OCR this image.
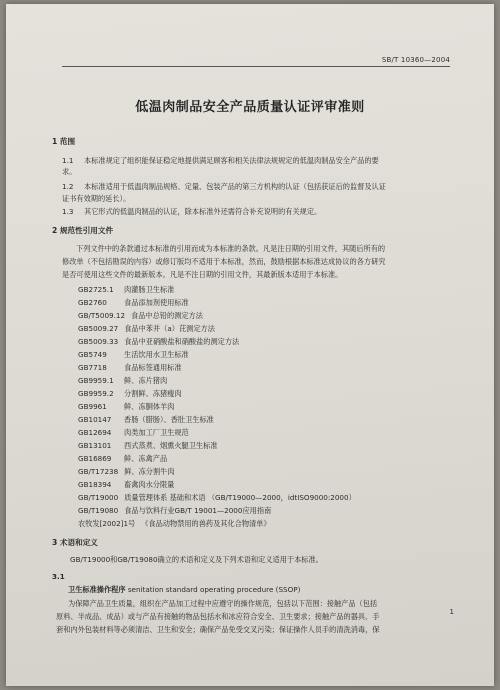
SB/T 10360—2004
低温肉制品安全产品质量认证评审准则
1 范围
1.1 本标准规定了组织能保证稳定地提供满足顾客和相关法律法规规定的低温肉制品安全产品的要
求。
1.2 本标准适用于低温肉制品规格、定量、包装产品的第三方机构的认证（包括获证后的监督及认证
证书有效期的延长）。
1.3 其它形式的低温肉制品的认证，除本标准外还需符合补充说明的有关规定。
2 规范性引用文件
下列文件中的条款通过本标准的引用而成为本标准的条款。凡是注日期的引用文件，其随后所有的
修改单（不包括勘误的内容）或修订版均不适用于本标准，然而，鼓励根据本标准达成协议的各方研究
是否可使用这些文件的最新版本。凡是不注日期的引用文件，其最新版本适用于本标准。
GB2725.1 肉灌肠卫生标准
GB2760 食品添加剂使用标准
GB/T5009.12 食品中总铅的测定方法
GB5009.27 食品中苯并（a）芘测定方法
GB5009.33 食品中亚硝酸盐和硝酸盐的测定方法
GB5749 生活饮用水卫生标准
GB7718 食品标签通用标准
GB9959.1 鲜、冻片猪肉
GB9959.2 分割鲜、冻猪瘦肉
GB9961 鲜、冻胴体羊肉
GB10147 香肠（腊肠）、香肚卫生标准
GB12694 肉类加工厂卫生规范
GB13101 西式蒸煮、烟熏火腿卫生标准
GB16869 鲜、冻禽产品
GB/T17238 鲜、冻分割牛肉
GB18394 畜禽肉水分限量
GB/T19000 质量管理体系 基础和术语 （GB/T19000—2000，idtISO9000:2000）
GB/T19080 食品与饮料行业GB/T 19001—2000应用指南
农牧发[2002]1号 《食品动物禁用的兽药及其化合物清单》
3 术语和定义
GB/T19000和GB/T19080确立的术语和定义及下列术语和定义适用于本标准。
3.1
卫生标准操作程序 senitation standard operating procedure (SSOP)
为保障产品卫生质量，组织在产品加工过程中应遵守的操作规范，包括以下范围：接触产品（包括
原料、半成品、成品）或与产品有接触的物品包括水和冰应符合安全、卫生要求；接触产品的器具、手
套和内外包装材料等必须清洁、卫生和安全；确保产品免受交叉污染；保证操作人员手的清洗消毒，保
1
